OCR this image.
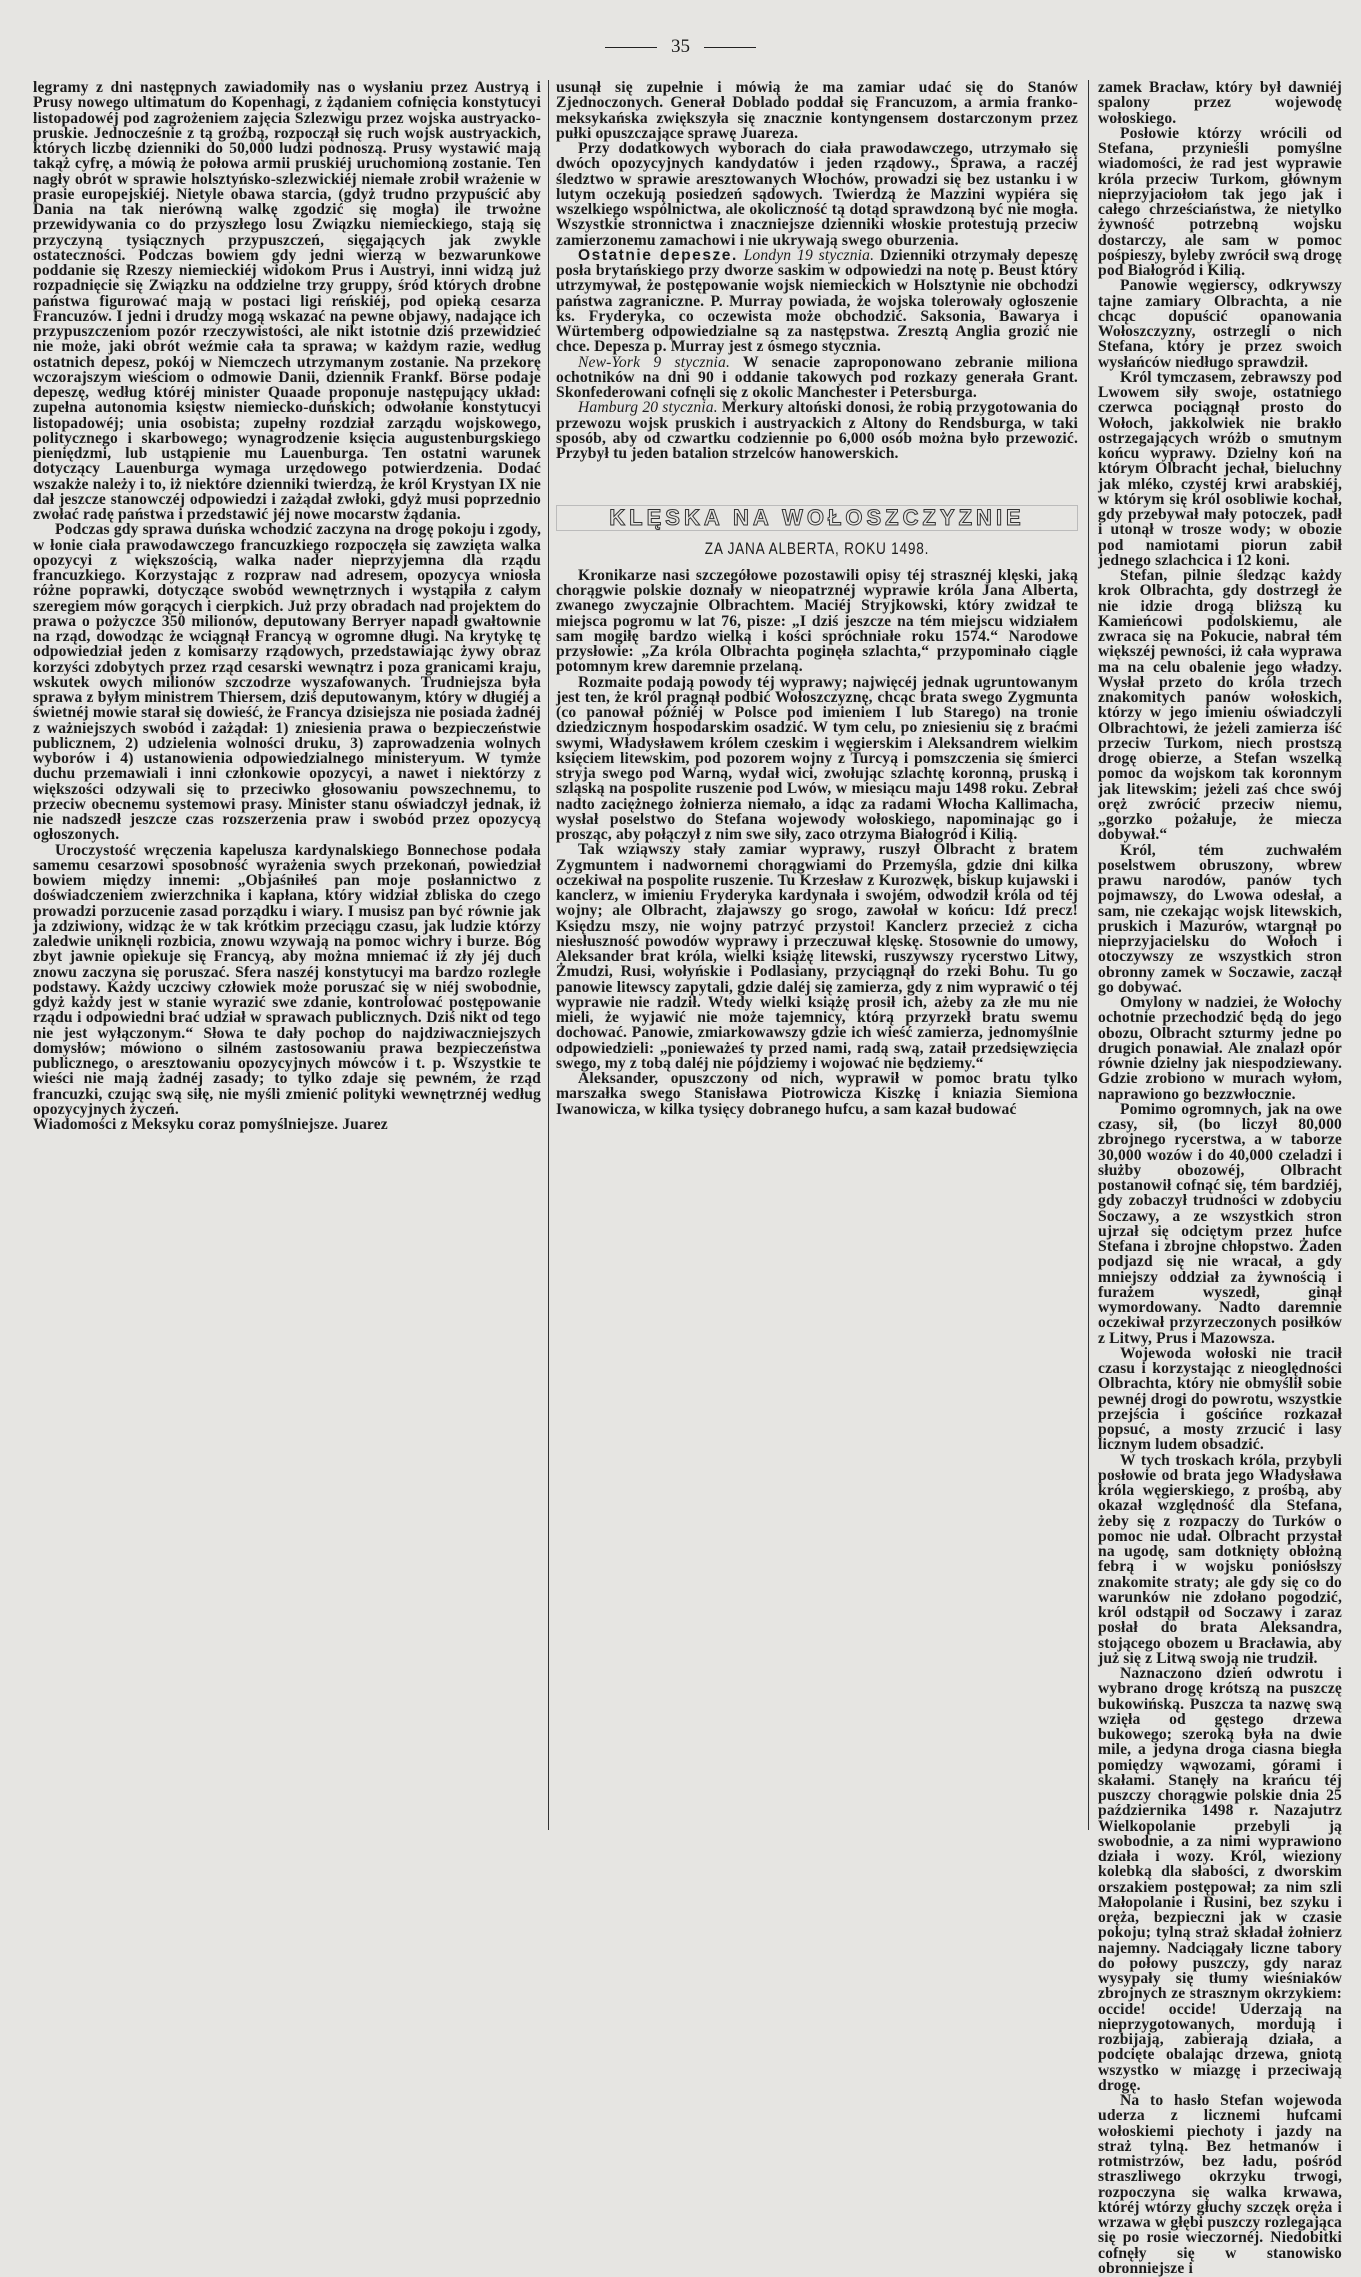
35

legramy z dni następnych zawiadomiły nas o wysłaniu przez Austryą i Prusy nowego ultimatum do Kopenhagi, z żądaniem cofnięcia konstytucyi listopadowéj pod zagrożeniem zajęcia Szlezwigu przez wojska austryacko-pruskie. Jednocześnie z tą groźbą, rozpoczął się ruch wojsk austryackich, których liczbę dzienniki do 50,000 ludzi podnoszą. Prusy wystawić mają takąż cyfrę, a mówią że połowa armii pruskiéj uruchomioną zostanie. Ten nagły obrót w sprawie holsztyńsko-szlezwickiéj niemałe zrobił wrażenie w prasie europejskiéj. Nietyle obawa starcia, (gdyż trudno przypuścić aby Dania na tak nierówną walkę zgodzić się mogła) ile trwożne przewidywania co do przyszłego losu Związku niemieckiego, stają się przyczyną tysiącznych przypuszczeń, sięgających jak zwykle ostateczności. Podczas bowiem gdy jedni wierzą w bezwarunkowe poddanie się Rzeszy niemieckiéj widokom Prus i Austryi, inni widzą już rozpadnięcie się Związku na oddzielne trzy gruppy, śród których drobne państwa figurować mają w postaci ligi reńskiéj, pod opieką cesarza Francuzów. I jedni i drudzy mogą wskazać na pewne objawy, nadające ich przypuszczeniom pozór rzeczywistości, ale nikt istotnie dziś przewidzieć nie może, jaki obrót weźmie cała ta sprawa; w każdym razie, według ostatnich depesz, pokój w Niemczech utrzymanym zostanie. Na przekorę wczorajszym wieściom o odmowie Danii, dziennik Frankf. Börse podaje depeszę, według któréj minister Quaade proponuje następujący układ: zupełna autonomia księstw niemiecko-duńskich; odwołanie konstytucyi listopadowéj; unia osobista; zupełny rozdział zarządu wojskowego, politycznego i skarbowego; wynagrodzenie księcia augustenburgskiego pieniędzmi, lub ustąpienie mu Lauenburga. Ten ostatni warunek dotyczący Lauenburga wymaga urzędowego potwierdzenia. Dodać wszakże należy i to, iż niektóre dzienniki twierdzą, że król Krystyan IX nie dał jeszcze stanowczéj odpowiedzi i zażądał zwłoki, gdyż musi poprzednio zwołać radę państwa i przedstawić jéj nowe mocarstw żądania.

Podczas gdy sprawa duńska wchodzić zaczyna na drogę pokoju i zgody, w łonie ciała prawodawczego francuzkiego rozpoczęła się zawzięta walka opozycyi z większością, walka nader nieprzyjemna dla rządu francuzkiego. Korzystając z rozpraw nad adresem, opozycya wniosła różne poprawki, dotyczące swobód wewnętrznych i wystąpiła z całym szeregiem mów gorących i cierpkich. Już przy obradach nad projektem do prawa o pożyczce 350 milionów, deputowany Berryer napadł gwałtownie na rząd, dowodząc że wciągnął Francyą w ogromne długi. Na krytykę tę odpowiedział jeden z komisarzy rządowych, przedstawiając żywy obraz korzyści zdobytych przez rząd cesarski wewnątrz i poza granicami kraju, wskutek owych milionów szczodrze wyszafowanych. Trudniejsza była sprawa z byłym ministrem Thiersem, dziś deputowanym, który w długiéj a świetnéj mowie starał się dowieść, że Francya dzisiejsza nie posiada żadnéj z ważniejszych swobód i zażądał: 1) zniesienia prawa o bezpieczeństwie publicznem, 2) udzielenia wolności druku, 3) zaprowadzenia wolnych wyborów i 4) ustanowienia odpowiedzialnego ministeryum. W tymże duchu przemawiali i inni członkowie opozycyi, a nawet i niektórzy z większości odzywali się to przeciwko głosowaniu powszechnemu, to przeciw obecnemu systemowi prasy. Minister stanu oświadczył jednak, iż nie nadszedł jeszcze czas rozszerzenia praw i swobód przez opozycyą ogłoszonych.

Uroczystość wręczenia kapelusza kardynalskiego Bonnechose podała samemu cesarzowi sposobność wyrażenia swych przekonań, powiedział bowiem między innemi: „Objaśniłeś pan moje posłannictwo z doświadczeniem zwierzchnika i kapłana, który widział zbliska do czego prowadzi porzucenie zasad porządku i wiary. I musisz pan być równie jak ja zdziwiony, widząc że w tak krótkim przeciągu czasu, jak ludzie którzy zaledwie uniknęli rozbicia, znowu wzywają na pomoc wichry i burze. Bóg zbyt jawnie opiekuje się Francyą, aby można mniemać iż zły jéj duch znowu zaczyna się poruszać. Sfera naszéj konstytucyi ma bardzo rozległe podstawy. Każdy uczciwy człowiek może poruszać się w niéj swobodnie, gdyż każdy jest w stanie wyrazić swe zdanie, kontrolować postępowanie rządu i odpowiedni brać udział w sprawach publicznych. Dziś nikt od tego nie jest wyłączonym.“ Słowa te dały pochop do najdziwaczniejszych domysłów; mówiono o silném zastosowaniu prawa bezpieczeństwa publicznego, o aresztowaniu opozycyjnych mówców i t. p. Wszystkie te wieści nie mają żadnéj zasady; to tylko zdaje się pewném, że rząd francuzki, czując swą siłę, nie myśli zmienić polityki wewnętrznéj według opozycyjnych życzeń.

Wiadomości z Meksyku coraz pomyślniejsze. Juarez

usunął się zupełnie i mówią że ma zamiar udać się do Stanów Zjednoczonych. Generał Doblado poddał się Francuzom, a armia franko-meksykańska zwiększyła się znacznie kontyngensem dostarczonym przez pułki opuszczające sprawę Juareza.

Przy dodatkowych wyborach do ciała prawodawczego, utrzymało się dwóch opozycyjnych kandydatów i jeden rządowy., Sprawa, a raczéj śledztwo w sprawie aresztowanych Włochów, prowadzi się bez ustanku i w lutym oczekują posiedzeń sądowych. Twierdzą że Mazzini wypiéra się wszelkiego wspólnictwa, ale okoliczność tą dotąd sprawdzoną być nie mogła. Wszystkie stronnictwa i znaczniejsze dzienniki włoskie protestują przeciw zamierzonemu zamachowi i nie ukrywają swego oburzenia.

Ostatnie depesze. Londyn 19 stycznia. Dzienniki otrzymały depeszę posła brytańskiego przy dworze saskim w odpowiedzi na notę p. Beust który utrzymywał, że postępowanie wojsk niemieckich w Holsztynie nie obchodzi państwa zagraniczne. P. Murray powiada, że wojska tolerowały ogłoszenie ks. Fryderyka, co oczewista może obchodzić. Saksonia, Bawarya i Würtemberg odpowiedzialne są za następstwa. Zresztą Anglia grozić nie chce. Depesza p. Murray jest z ósmego stycznia.

New-York 9 stycznia. W senacie zaproponowano zebranie miliona ochotników na dni 90 i oddanie takowych pod rozkazy generała Grant. Skonfederowani cofnęli się z okolic Manchester i Petersburga.

Hamburg 20 stycznia. Merkury altoński donosi, że robią przygotowania do przewozu wojsk pruskich i austryackich z Altony do Rendsburga, w taki sposób, aby od czwartku codziennie po 6,000 osób można było przewozić. Przybył tu jeden batalion strzelców hanowerskich.

KLĘSKA NA WOŁOSZCZYZNIE
ZA JANA ALBERTA, ROKU 1498.

Kronikarze nasi szczegółowe pozostawili opisy téj strasznéj klęski, jaką chorągwie polskie doznały w nieopatrznéj wyprawie króla Jana Alberta, zwanego zwyczajnie Olbrachtem. Maciéj Stryjkowski, który zwidzał te miejsca pogromu w lat 76, pisze: „I dziś jeszcze na tém miejscu widziałem sam mogiłę bardzo wielką i kości spróchniałe roku 1574.“ Narodowe przysłowie: „Za króla Olbrachta poginęła szlachta,“ przypominało ciągle potomnym krew daremnie przelaną.

Rozmaite podają powody téj wyprawy; najwięcéj jednak ugruntowanym jest ten, że król pragnął podbić Wołoszczyznę, chcąc brata swego Zygmunta (co panował późniéj w Polsce pod imieniem I lub Starego) na tronie dziedzicznym hospodarskim osadzić. W tym celu, po zniesieniu się z braćmi swymi, Władysławem królem czeskim i węgierskim i Aleksandrem wielkim księciem litewskim, pod pozorem wojny z Turcyą i pomszczenia się śmierci stryja swego pod Warną, wydał wici, zwołując szlachtę koronną, pruską i szląską na pospolite ruszenie pod Lwów, w miesiącu maju 1498 roku. Zebrał nadto zaciężnego żołnierza niemało, a idąc za radami Włocha Kallimacha, wysłał poselstwo do Stefana wojewody wołoskiego, napominając go i prosząc, aby połączył z nim swe siły, zaco otrzyma Białogród i Kilią.

Tak wziąwszy stały zamiar wyprawy, ruszył Olbracht z bratem Zygmuntem i nadwornemi chorągwiami do Przemyśla, gdzie dni kilka oczekiwał na pospolite ruszenie. Tu Krzesław z Kurozwęk, biskup kujawski i kanclerz, w imieniu Fryderyka kardynała i swojém, odwodził króla od téj wojny; ale Olbracht, złajawszy go srogo, zawołał w końcu: Idź precz! Księdzu mszy, nie wojny patrzyć przystoi! Kanclerz przecież z cicha niesłuszność powodów wyprawy i przeczuwał klęskę. Stosownie do umowy, Aleksander brat króla, wielki książę litewski, ruszywszy rycerstwo Litwy, Żmudzi, Rusi, wołyńskie i Podlasiany, przyciągnął do rzeki Bohu. Tu go panowie litewscy zapytali, gdzie daléj się zamierza, gdy z nim wyprawić o téj wyprawie nie radził. Wtedy wielki książę prosił ich, ażeby za złe mu nie mieli, że wyjawić nie może tajemnicy, którą przyrzekł bratu swemu dochować. Panowie, zmiarkowawszy gdzie ich wieść zamierza, jednomyślnie odpowiedzieli: „ponieważeś ty przed nami, radą swą, zataił przedsięwzięcia swego, my z tobą daléj nie pójdziemy i wojować nie będziemy.“

Aleksander, opuszczony od nich, wyprawił w pomoc bratu tylko marszałka swego Stanisława Piotrowicza Kiszkę i kniazia Siemiona Iwanowicza, w kilka tysięcy dobranego hufcu, a sam kazał budować

zamek Bracław, który był dawniéj spalony przez wojewodę wołoskiego.

Posłowie którzy wrócili od Stefana, przynieśli pomyślne wiadomości, że rad jest wyprawie króla przeciw Turkom, głównym nieprzyjaciołom tak jego jak i całego chrześciaństwa, że nietylko żywność potrzebną wojsku dostarczy, ale sam w pomoc pośpieszy, byleby zwrócił swą drogę pod Białogród i Kilią.

Panowie węgierscy, odkrywszy tajne zamiary Olbrachta, a nie chcąc dopuścić opanowania Wołoszczyzny, ostrzegli o nich Stefana, który je przez swoich wysłańców niedługo sprawdził.

Król tymczasem, zebrawszy pod Lwowem siły swoje, ostatniego czerwca pociągnął prosto do Wołoch, jakkolwiek nie brakło ostrzegających wróżb o smutnym końcu wyprawy. Dzielny koń na którym Olbracht jechał, bieluchny jak mléko, czystéj krwi arabskiéj, w którym się król osobliwie kochał, gdy przebywał mały potoczek, padł i utonął w trosze wody; w obozie pod namiotami piorun zabił jednego szlachcica i 12 koni.

Stefan, pilnie śledząc każdy krok Olbrachta, gdy dostrzegł że nie idzie drogą bliższą ku Kamieńcowi podolskiemu, ale zwraca się na Pokucie, nabrał tém większéj pewności, iż cała wyprawa ma na celu obalenie jego władzy. Wysłał przeto do króla trzech znakomitych panów wołoskich, którzy w jego imieniu oświadczyli Olbrachtowi, że jeżeli zamierza iść przeciw Turkom, niech prostszą drogę obierze, a Stefan wszelką pomoc da wojskom tak koronnym jak litewskim; jeżeli zaś chce swój oręż zwrócić przeciw niemu, „gorzko pożałuje, że miecza dobywał.“

Król, tém zuchwałém poselstwem obruszony, wbrew prawu narodów, panów tych pojmawszy, do Lwowa odesłał, a sam, nie czekając wojsk litewskich, pruskich i Mazurów, wtargnął po nieprzyjacielsku do Wołoch i otoczywszy ze wszystkich stron obronny zamek w Soczawie, zaczął go dobywać.

Omylony w nadziei, że Wołochy ochotnie przechodzić będą do jego obozu, Olbracht szturmy jedne po drugich ponawiał. Ale znalazł opór równie dzielny jak niespodziewany. Gdzie zrobiono w murach wyłom, naprawiono go bezzwłocznie.

Pomimo ogromnych, jak na owe czasy, sił, (bo liczył 80,000 zbrojnego rycerstwa, a w taborze 30,000 wozów i do 40,000 czeladzi i służby obozowéj, Olbracht postanowił cofnąć się, tém bardziéj, gdy zobaczył trudności w zdobyciu Soczawy, a ze wszystkich stron ujrzał się odciętym przez hufce Stefana i zbrojne chłopstwo. Żaden podjazd się nie wracał, a gdy mniejszy oddział za żywnością i furażem wyszedł, ginął wymordowany. Nadto daremnie oczekiwał przyrzeczonych posiłków z Litwy, Prus i Mazowsza.

Wojewoda wołoski nie tracił czasu i korzystając z nieoględności Olbrachta, który nie obmyślił sobie pewnéj drogi do powrotu, wszystkie przejścia i gościńce rozkazał popsuć, a mosty zrzucić i lasy licznym ludem obsadzić.

W tych troskach króla, przybyli posłowie od brata jego Władysława króla węgierskiego, z prośbą, aby okazał względność dla Stefana, żeby się z rozpaczy do Turków o pomoc nie udał. Olbracht przystał na ugodę, sam dotknięty obłożną febrą i w wojsku poniósłszy znakomite straty; ale gdy się co do warunków nie zdołano pogodzić, król odstąpił od Soczawy i zaraz posłał do brata Aleksandra, stojącego obozem u Bracławia, aby już się z Litwą swoją nie trudził.

Naznaczono dzień odwrotu i wybrano drogę krótszą na puszczę bukowińską. Puszcza ta nazwę swą wzięła od gęstego drzewa bukowego; szeroką była na dwie mile, a jedyna droga ciasna biegła pomiędzy wąwozami, górami i skałami. Stanęły na krańcu téj puszczy chorągwie polskie dnia 25 października 1498 r. Nazajutrz Wielkopolanie przebyli ją swobodnie, a za nimi wyprawiono działa i wozy. Król, wieziony kolebką dla słabości, z dworskim orszakiem postępował; za nim szli Małopolanie i Rusini, bez szyku i oręża, bezpieczni jak w czasie pokoju; tylną straż składał żołnierz najemny. Nadciągały liczne tabory do połowy puszczy, gdy naraz wysypały się tłumy wieśniaków zbrojnych ze strasznym okrzykiem: occide! occide! Uderzają na nieprzygotowanych, mordują i rozbijają, zabierają działa, a podcięte obalając drzewa, gniotą wszystko w miazgę i przeciwają drogę.

Na to hasło Stefan wojewoda uderza z licznemi hufcami wołoskiemi piechoty i jazdy na straż tylną. Bez hetmanów i rotmistrzów, bez ładu, pośród straszliwego okrzyku trwogi, rozpoczyna się walka krwawa, któréj wtórzy głuchy szczęk oręża i wrzawa w głębi puszczy rozlegająca się po rosie wieczornéj. Niedobitki cofnęły się w stanowisko obronniejsze i
